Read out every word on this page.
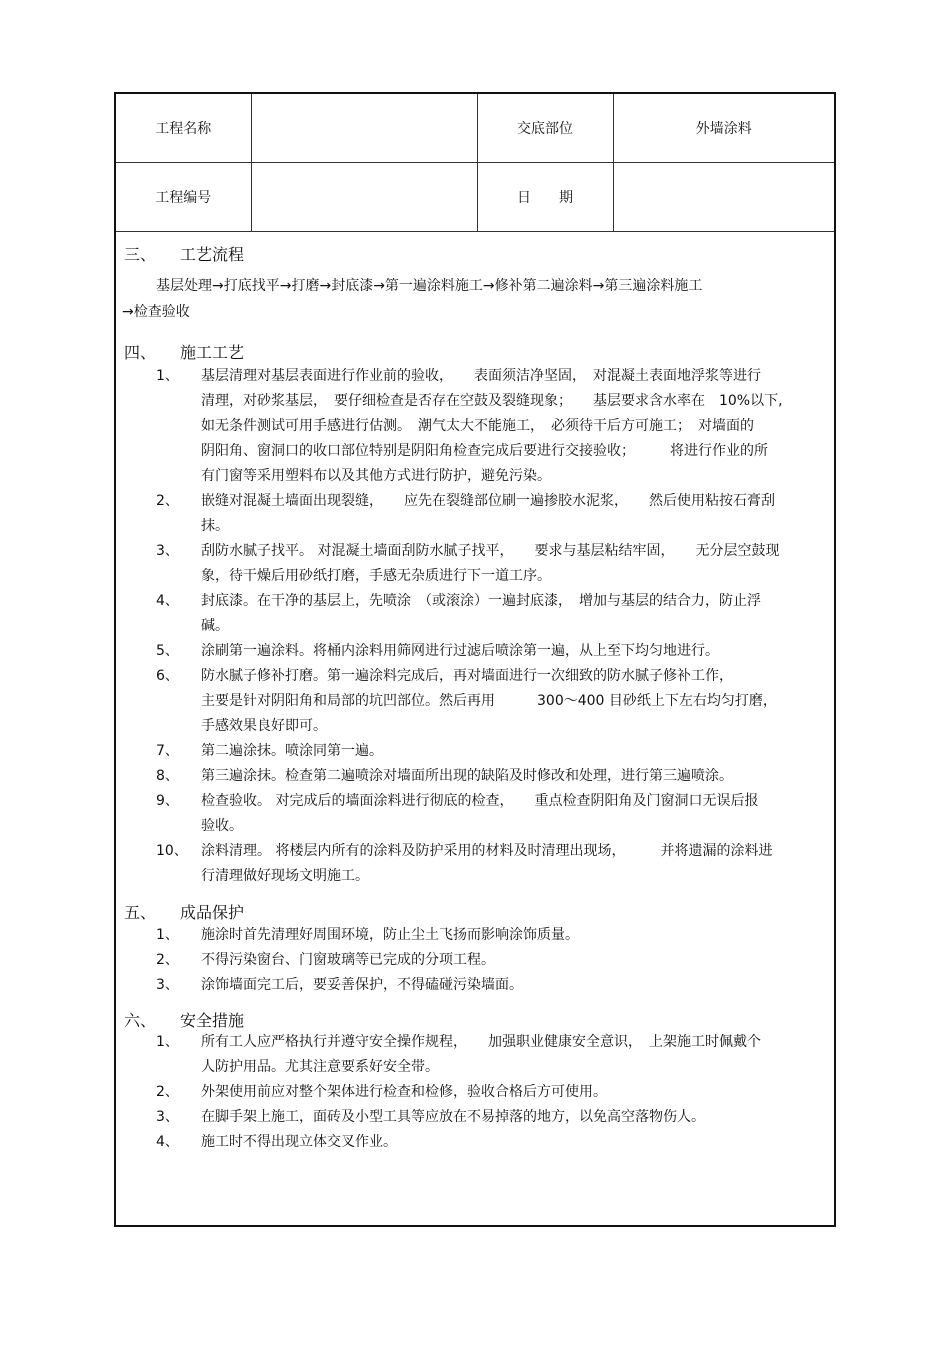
工程名称		交底部位	外墙涂料
工程编号		日　　期	
三、 工艺流程
基层处理→打底找平→打磨→封底漆→第一遍涂料施工→修补第二遍涂料→第三遍涂料施工
→检查验收
四、 施工工艺
1、 基层清理对基层表面进行作业前的验收，　　表面须洁净坚固，　对混凝土表面地浮浆等进行
清理，对砂浆基层，　要仔细检查是否存在空鼓及裂缝现象；　　基层要求含水率在　10%以下,
如无条件测试可用手感进行估测。　潮气太大不能施工，　必须待干后方可施工；　对墙面的
阴阳角、窗洞口的收口部位特别是阴阳角检查完成后要进行交接验收；　　　将进行作业的所
有门窗等采用塑料布以及其他方式进行防护，避免污染。
2、 嵌缝对混凝土墙面出现裂缝，　　应先在裂缝部位刷一遍掺胶水泥浆，　　然后使用粘按石膏刮
抹。
3、 刮防水腻子找平。 对混凝土墙面刮防水腻子找平，　　要求与基层粘结牢固，　　无分层空鼓现
象，待干燥后用砂纸打磨，手感无杂质进行下一道工序。
4、 封底漆。在干净的基层上，先喷涂　（或滚涂）一遍封底漆，　增加与基层的结合力，防止浮
碱。
5、 涂刷第一遍涂料。将桶内涂料用筛网进行过滤后喷涂第一遍，从上至下均匀地进行。
6、 防水腻子修补打磨。第一遍涂料完成后，再对墙面进行一次细致的防水腻子修补工作，
主要是针对阴阳角和局部的坑凹部位。然后再用　　　300～400 目砂纸上下左右均匀打磨，
手感效果良好即可。
7、 第二遍涂抹。喷涂同第一遍。
8、 第三遍涂抹。检查第二遍喷涂对墙面所出现的缺陷及时修改和处理，进行第三遍喷涂。
9、 检查验收。 对完成后的墙面涂料进行彻底的检查，　　重点检查阴阳角及门窗洞口无误后报
验收。
10、 涂料清理。 将楼层内所有的涂料及防护采用的材料及时清理出现场，　　　并将遗漏的涂料进
行清理做好现场文明施工。
五、 成品保护
1、 施涂时首先清理好周围环境，防止尘土飞扬而影响涂饰质量。
2、 不得污染窗台、门窗玻璃等已完成的分项工程。
3、 涂饰墙面完工后，要妥善保护，不得磕碰污染墙面。
六、 安全措施
1、 所有工人应严格执行并遵守安全操作规程，　　加强职业健康安全意识，　上架施工时佩戴个
人防护用品。尤其注意要系好安全带。
2、 外架使用前应对整个架体进行检查和检修，验收合格后方可使用。
3、 在脚手架上施工，面砖及小型工具等应放在不易掉落的地方，以免高空落物伤人。
4、 施工时不得出现立体交叉作业。
